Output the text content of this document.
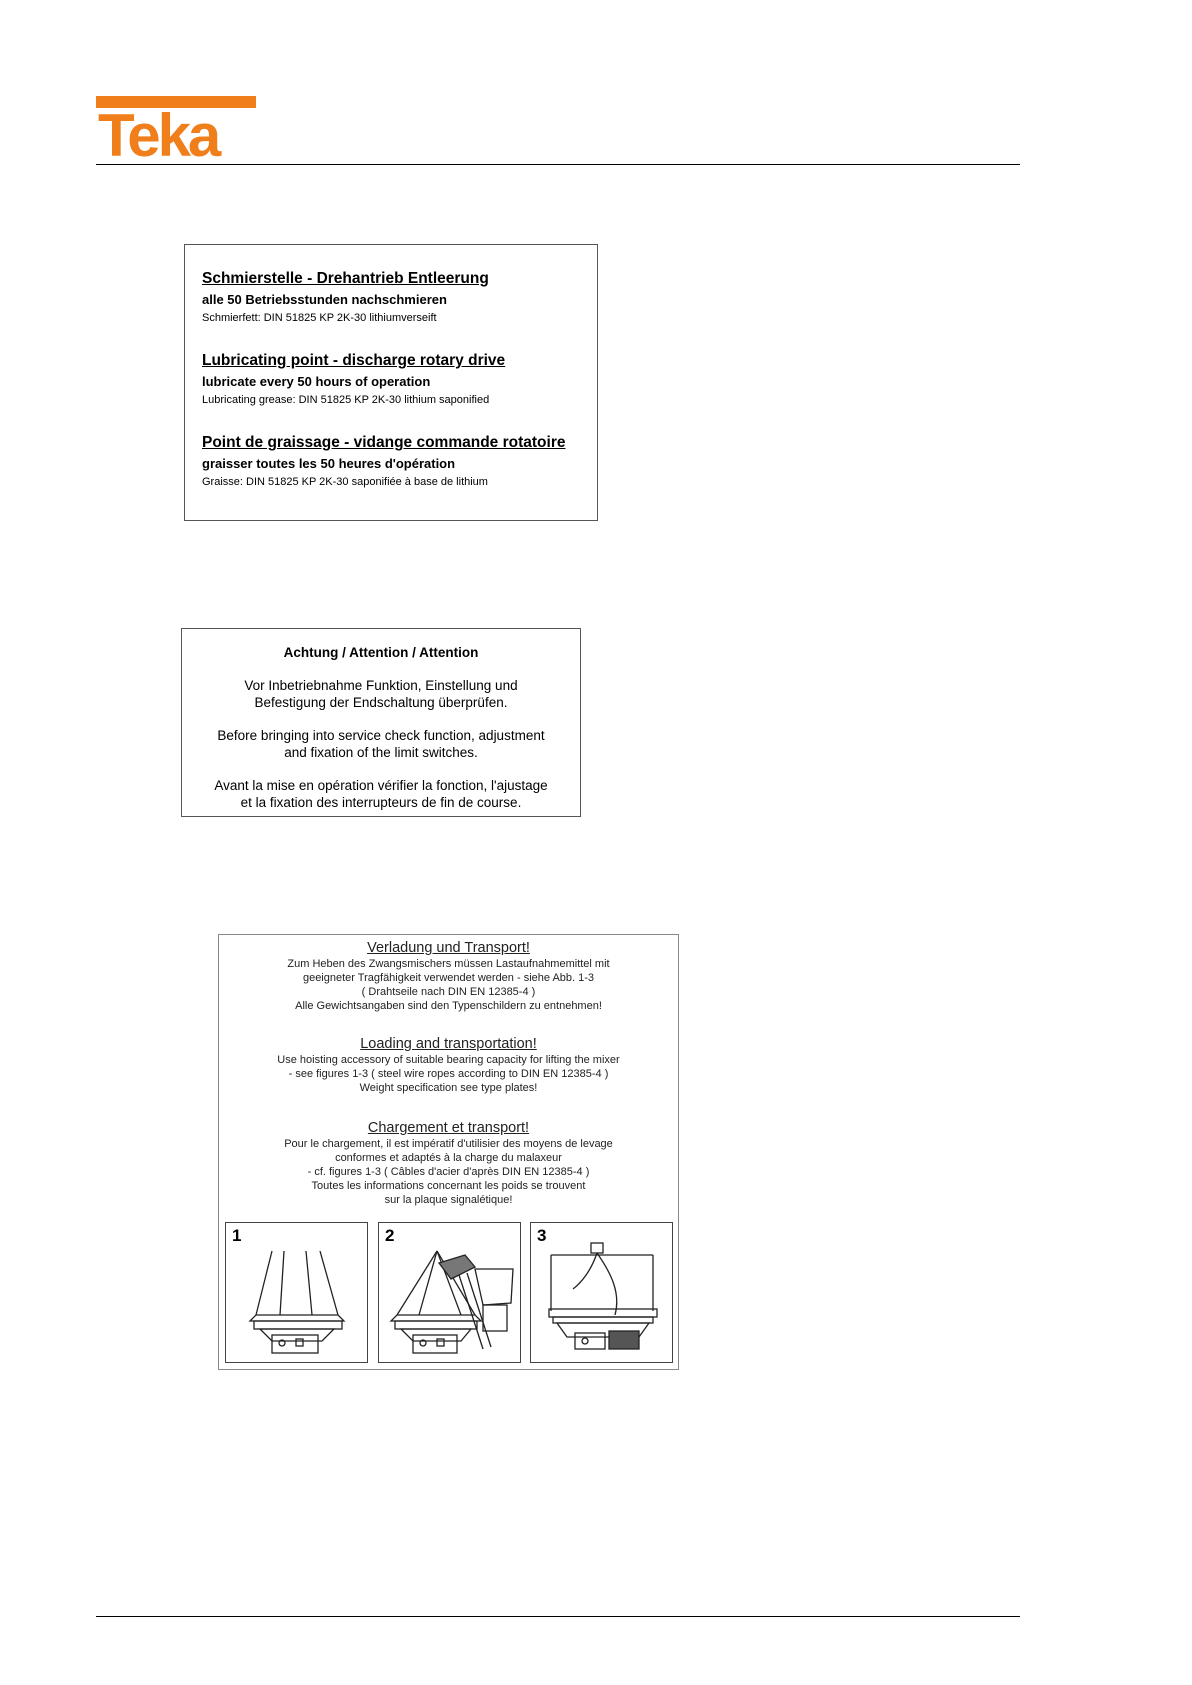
Teka
Schmierstelle - Drehantrieb Entleerung
alle 50 Betriebsstunden nachschmieren
Schmierfett: DIN 51825 KP 2K-30 lithiumverseift
Lubricating point - discharge rotary drive
lubricate every 50 hours of operation
Lubricating grease: DIN 51825 KP 2K-30 lithium saponified
Point de graissage - vidange commande rotatoire
graisser toutes les 50 heures d'opération
Graisse: DIN 51825 KP 2K-30 saponifiée à base de lithium
Achtung / Attention / Attention
Vor Inbetriebnahme Funktion, Einstellung und
Befestigung der Endschaltung überprüfen.
Before bringing into service check function, adjustment
and fixation of the limit switches.
Avant la mise en opération vérifier la fonction, l'ajustage
et la fixation des interrupteurs de fin de course.
Verladung und Transport!
Zum Heben des Zwangsmischers müssen Lastaufnahmemittel mit
geeigneter Tragfähigkeit verwendet werden - siehe Abb. 1-3
( Drahtseile nach DIN EN 12385-4 )
Alle Gewichtsangaben sind den Typenschildern zu entnehmen!
Loading and transportation!
Use hoisting accessory of suitable bearing capacity for lifting the mixer
- see figures 1-3 ( steel wire ropes according to DIN EN 12385-4 )
Weight specification see type plates!
Chargement et transport!
Pour le chargement, il est impératif d'utilisier des moyens de levage
conformes et adaptés à la charge du malaxeur
- cf. figures 1-3 ( Câbles d'acier d'après DIN EN 12385-4 )
Toutes les informations concernant les poids se trouvent
sur la plaque signalétique!
1	2	3
